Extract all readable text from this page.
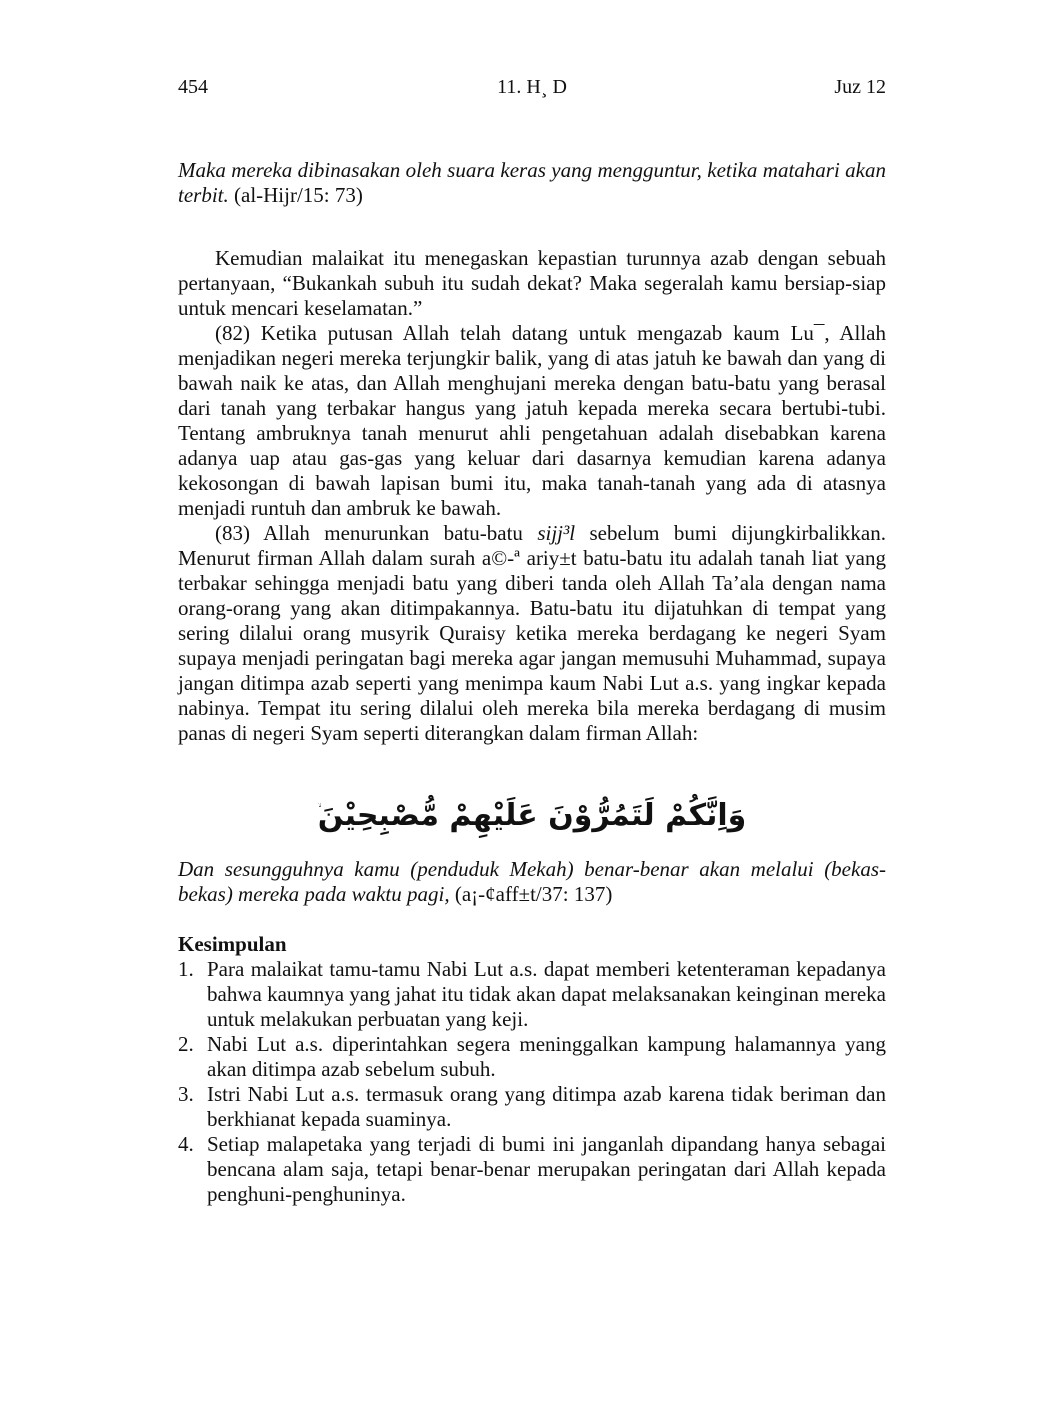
454	11. H¸ D	Juz 12

Maka mereka dibinasakan oleh suara keras yang mengguntur, ketika matahari akan terbit. (al-Hijr/15: 73)

Kemudian malaikat itu menegaskan kepastian turunnya azab dengan sebuah pertanyaan, “Bukankah subuh itu sudah dekat? Maka segeralah kamu bersiap-siap untuk mencari keselamatan.”

(82) Ketika putusan Allah telah datang untuk mengazab kaum Lu¯, Allah menjadikan negeri mereka terjungkir balik, yang di atas jatuh ke bawah dan yang di bawah naik ke atas, dan Allah menghujani mereka dengan batu-batu yang berasal dari tanah yang terbakar hangus yang jatuh kepada mereka secara bertubi-tubi. Tentang ambruknya tanah menurut ahli pengetahuan adalah disebabkan karena adanya uap atau gas-gas yang keluar dari dasarnya kemudian karena adanya kekosongan di bawah lapisan bumi itu, maka tanah-tanah yang ada di atasnya menjadi runtuh dan ambruk ke bawah.

(83) Allah menurunkan batu-batu sijj³l sebelum bumi dijungkirbalikkan. Menurut firman Allah dalam surah a©-ª ariy±t batu-batu itu adalah tanah liat yang terbakar sehingga menjadi batu yang diberi tanda oleh Allah Ta’ala dengan nama orang-orang yang akan ditimpakannya. Batu-batu itu dijatuhkan di tempat yang sering dilalui orang musyrik Quraisy ketika mereka berdagang ke negeri Syam supaya menjadi peringatan bagi mereka agar jangan memusuhi Muhammad, supaya jangan ditimpa azab seperti yang menimpa kaum Nabi Lut a.s. yang ingkar kepada nabinya. Tempat itu sering dilalui oleh mereka bila mereka berdagang di musim panas di negeri Syam seperti diterangkan dalam firman Allah:

وَاِنَّكُمْ لَتَمُرُّوْنَ عَلَيْهِمْ مُّصْبِحِيْنَ

Dan sesungguhnya kamu (penduduk Mekah) benar-benar akan melalui (bekas-bekas) mereka pada waktu pagi, (a¡-¢aff±t/37: 137)

Kesimpulan
1. Para malaikat tamu-tamu Nabi Lut a.s. dapat memberi ketenteraman kepadanya bahwa kaumnya yang jahat itu tidak akan dapat melaksanakan keinginan mereka untuk melakukan perbuatan yang keji.
2. Nabi Lut a.s. diperintahkan segera meninggalkan kampung halamannya yang akan ditimpa azab sebelum subuh.
3. Istri Nabi Lut a.s. termasuk orang yang ditimpa azab karena tidak beriman dan berkhianat kepada suaminya.
4. Setiap malapetaka yang terjadi di bumi ini janganlah dipandang hanya sebagai bencana alam saja, tetapi benar-benar merupakan peringatan dari Allah kepada penghuni-penghuninya.
